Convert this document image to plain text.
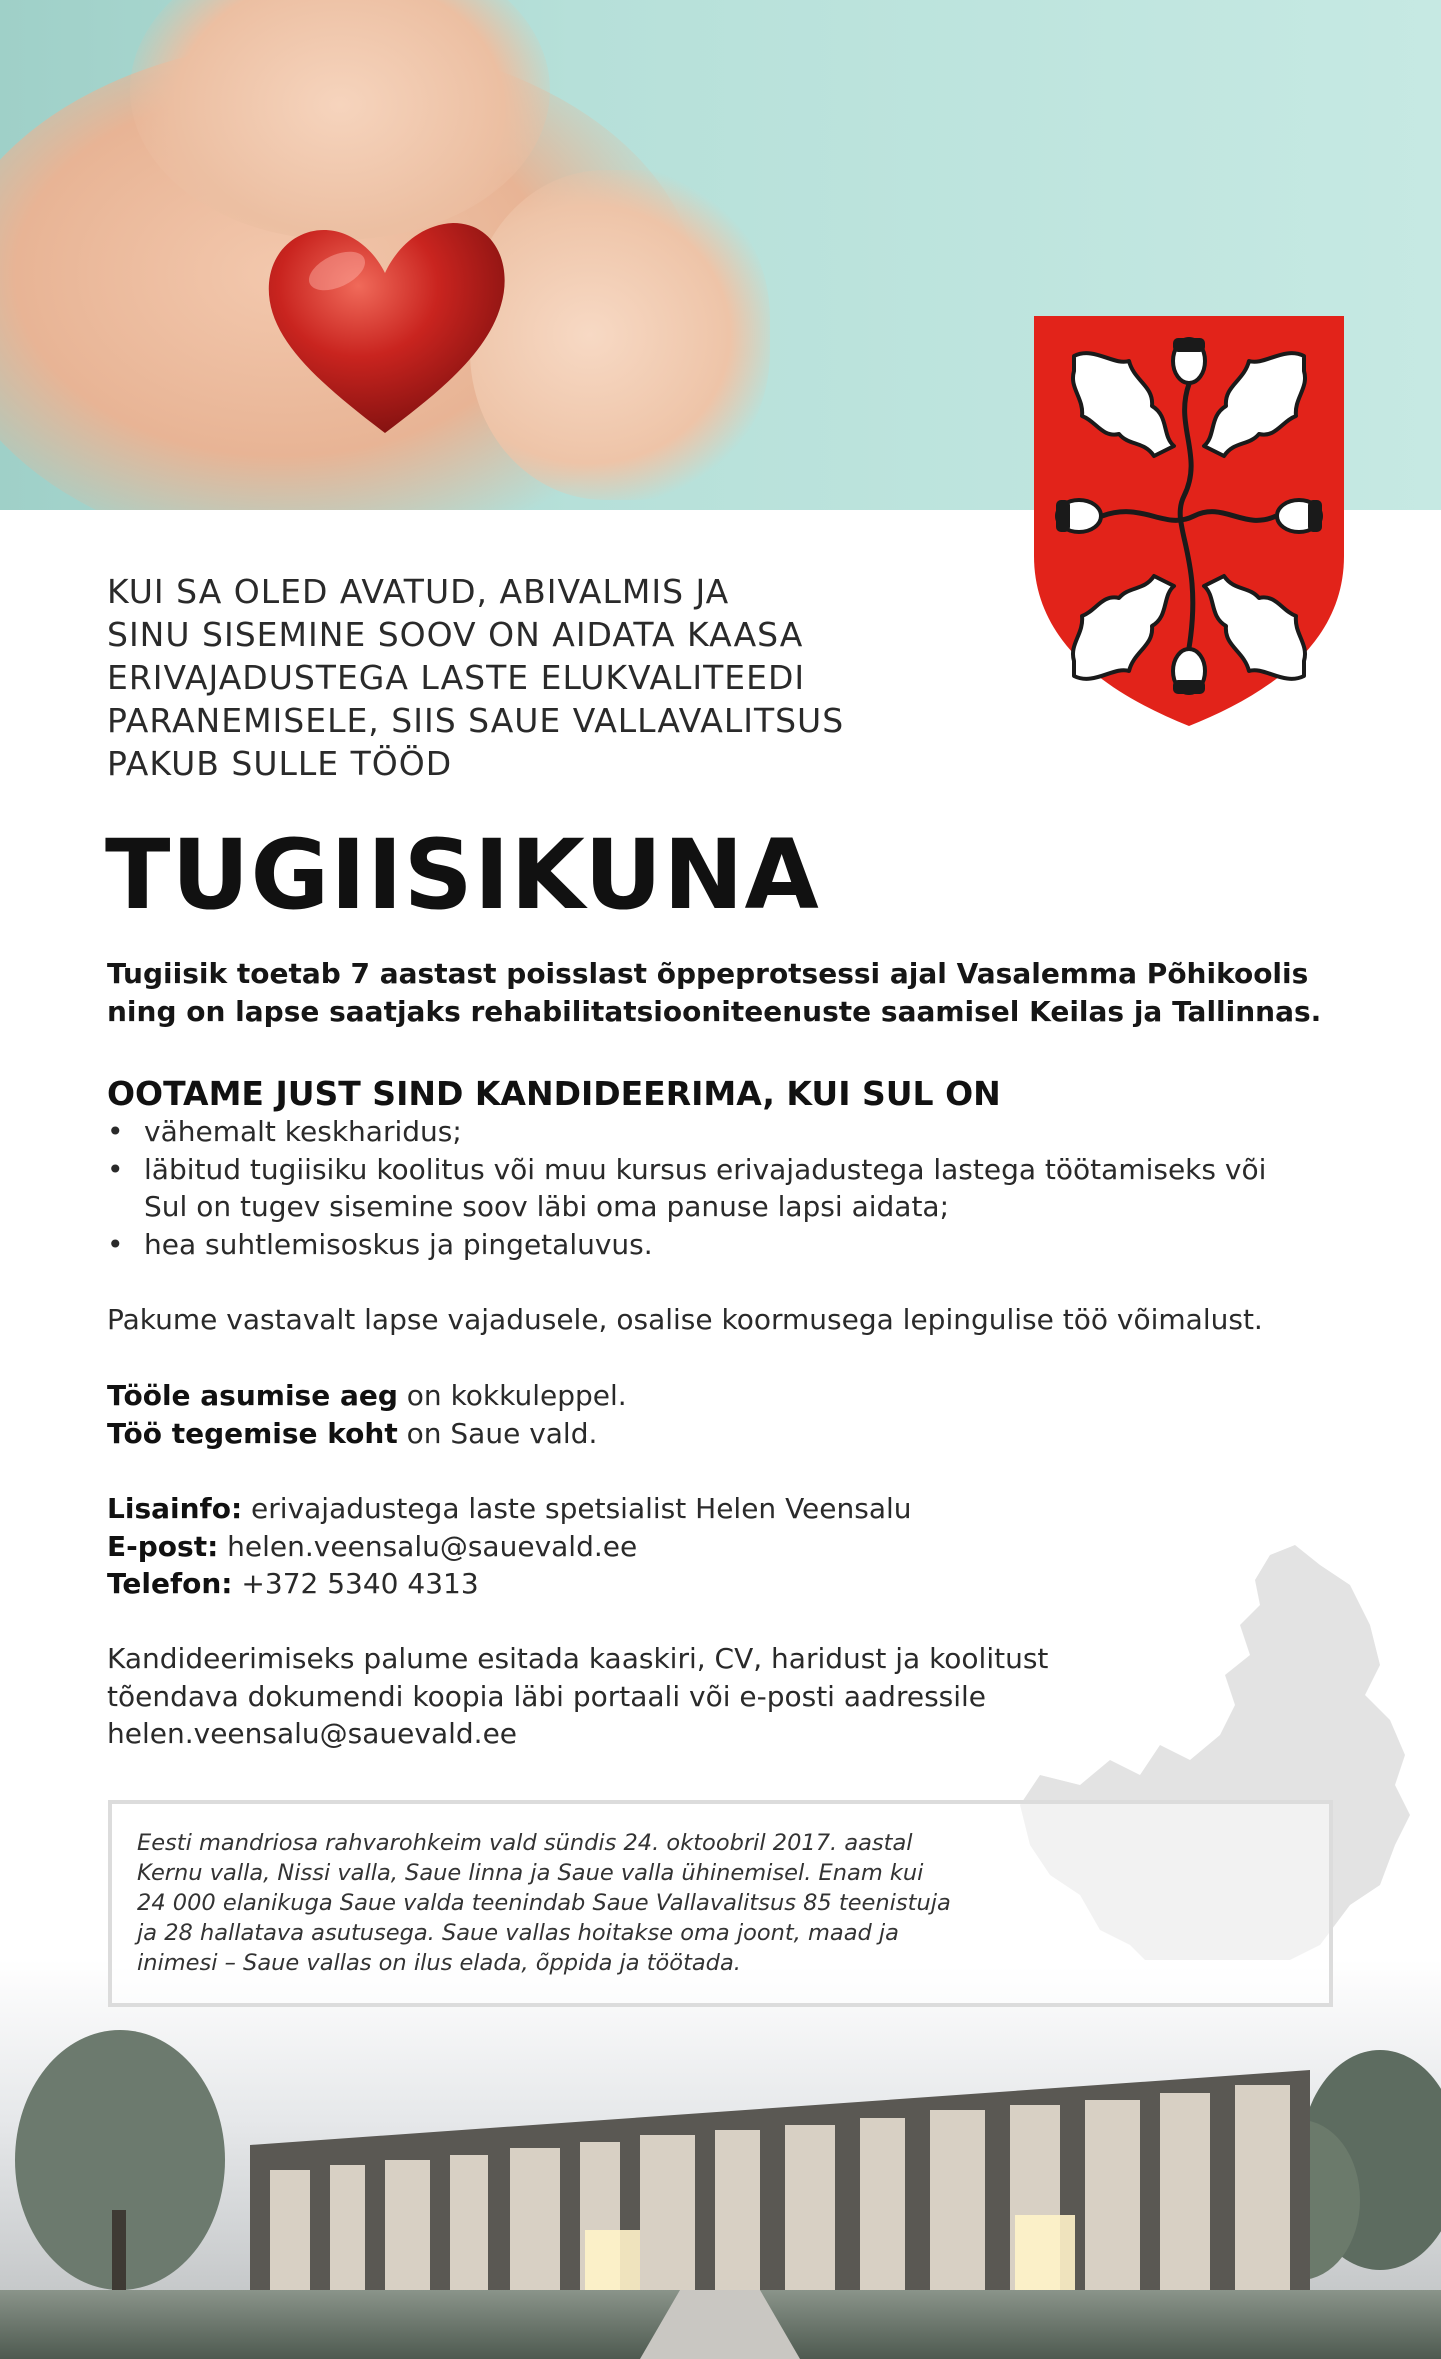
KUI SA OLED AVATUD, ABIVALMIS JA
SINU SISEMINE SOOV ON AIDATA KAASA
ERIVAJADUSTEGA LASTE ELUKVALITEEDI
PARANEMISELE, SIIS SAUE VALLAVALITSUS
PAKUB SULLE TÖÖD

TUGIISIKUNA

Tugiisik toetab 7 aastast poisslast õppeprotsessi ajal Vasalemma Põhikoolis
ning on lapse saatjaks rehabilitatsiooniteenuste saamisel Keilas ja Tallinnas.

OOTAME JUST SIND KANDIDEERIMA, KUI SUL ON
• vähemalt keskharidus;
• läbitud tugiisiku koolitus või muu kursus erivajadustega lastega töötamiseks või
Sul on tugev sisemine soov läbi oma panuse lapsi aidata;
• hea suhtlemisoskus ja pingetaluvus.

Pakume vastavalt lapse vajadusele, osalise koormusega lepingulise töö võimalust.

Tööle asumise aeg on kokkuleppel.
Töö tegemise koht on Saue vald.

Lisainfo: erivajadustega laste spetsialist Helen Veensalu
E-post: helen.veensalu@sauevald.ee
Telefon: +372 5340 4313

Kandideerimiseks palume esitada kaaskiri, CV, haridust ja koolitust
tõendava dokumendi koopia läbi portaali või e-posti aadressile
helen.veensalu@sauevald.ee

Eesti mandriosa rahvarohkeim vald sündis 24. oktoobril 2017. aastal
Kernu valla, Nissi valla, Saue linna ja Saue valla ühinemisel. Enam kui
24 000 elanikuga Saue valda teenindab Saue Vallavalitsus 85 teenistuja
ja 28 hallatava asutusega. Saue vallas hoitakse oma joont, maad ja
inimesi – Saue vallas on ilus elada, õppida ja töötada.
